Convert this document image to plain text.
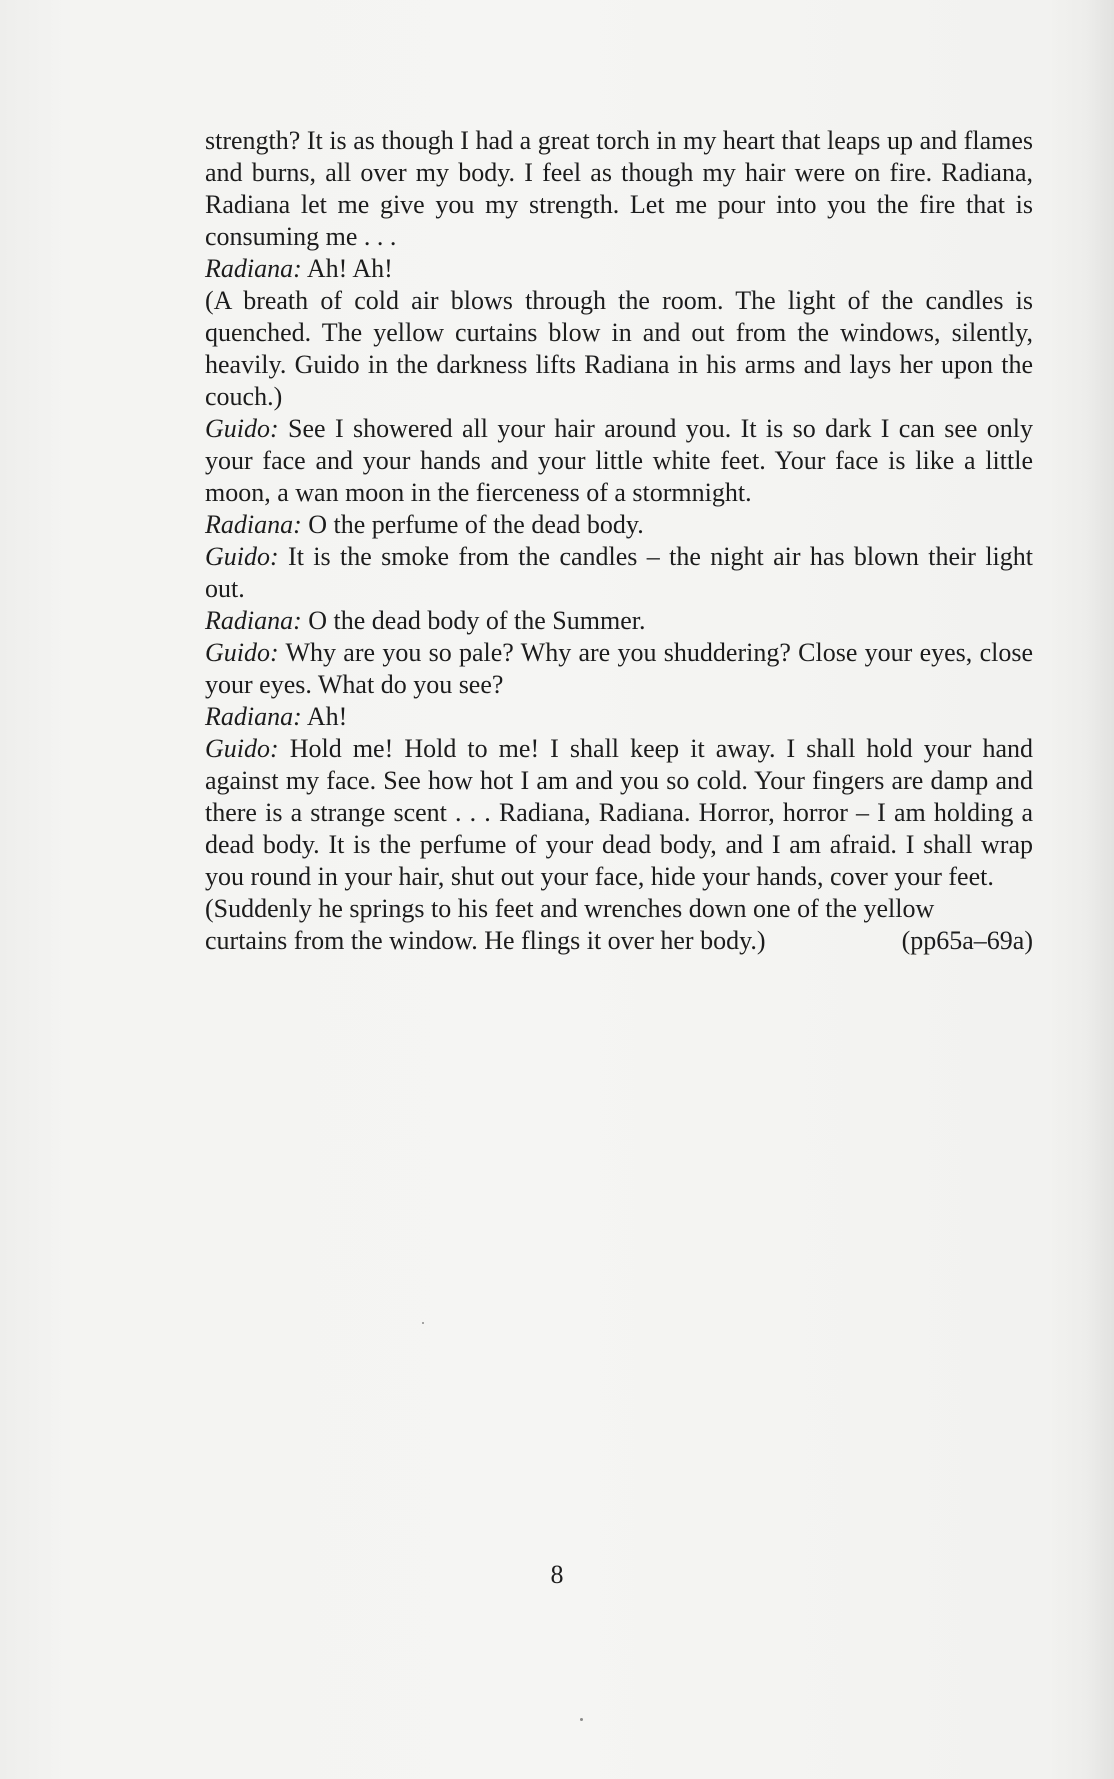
strength? It is as though I had a great torch in my heart that leaps up and flames and burns, all over my body. I feel as though my hair were on fire. Radiana, Radiana let me give you my strength. Let me pour into you the fire that is consuming me . . .

Radiana: Ah! Ah!

(A breath of cold air blows through the room. The light of the candles is quenched. The yellow curtains blow in and out from the windows, silently, heavily. Guido in the darkness lifts Radiana in his arms and lays her upon the couch.)

Guido: See I showered all your hair around you. It is so dark I can see only your face and your hands and your little white feet. Your face is like a little moon, a wan moon in the fierceness of a stormnight.

Radiana: O the perfume of the dead body.

Guido: It is the smoke from the candles – the night air has blown their light out.

Radiana: O the dead body of the Summer.

Guido: Why are you so pale? Why are you shuddering? Close your eyes, close your eyes. What do you see?

Radiana: Ah!

Guido: Hold me! Hold to me! I shall keep it away. I shall hold your hand against my face. See how hot I am and you so cold. Your fingers are damp and there is a strange scent . . . Radiana, Radiana. Horror, horror – I am holding a dead body. It is the perfume of your dead body, and I am afraid. I shall wrap you round in your hair, shut out your face, hide your hands, cover your feet.

(Suddenly he springs to his feet and wrenches down one of the yellow

curtains from the window. He flings it over her body.)	(pp65a–69a)
8
